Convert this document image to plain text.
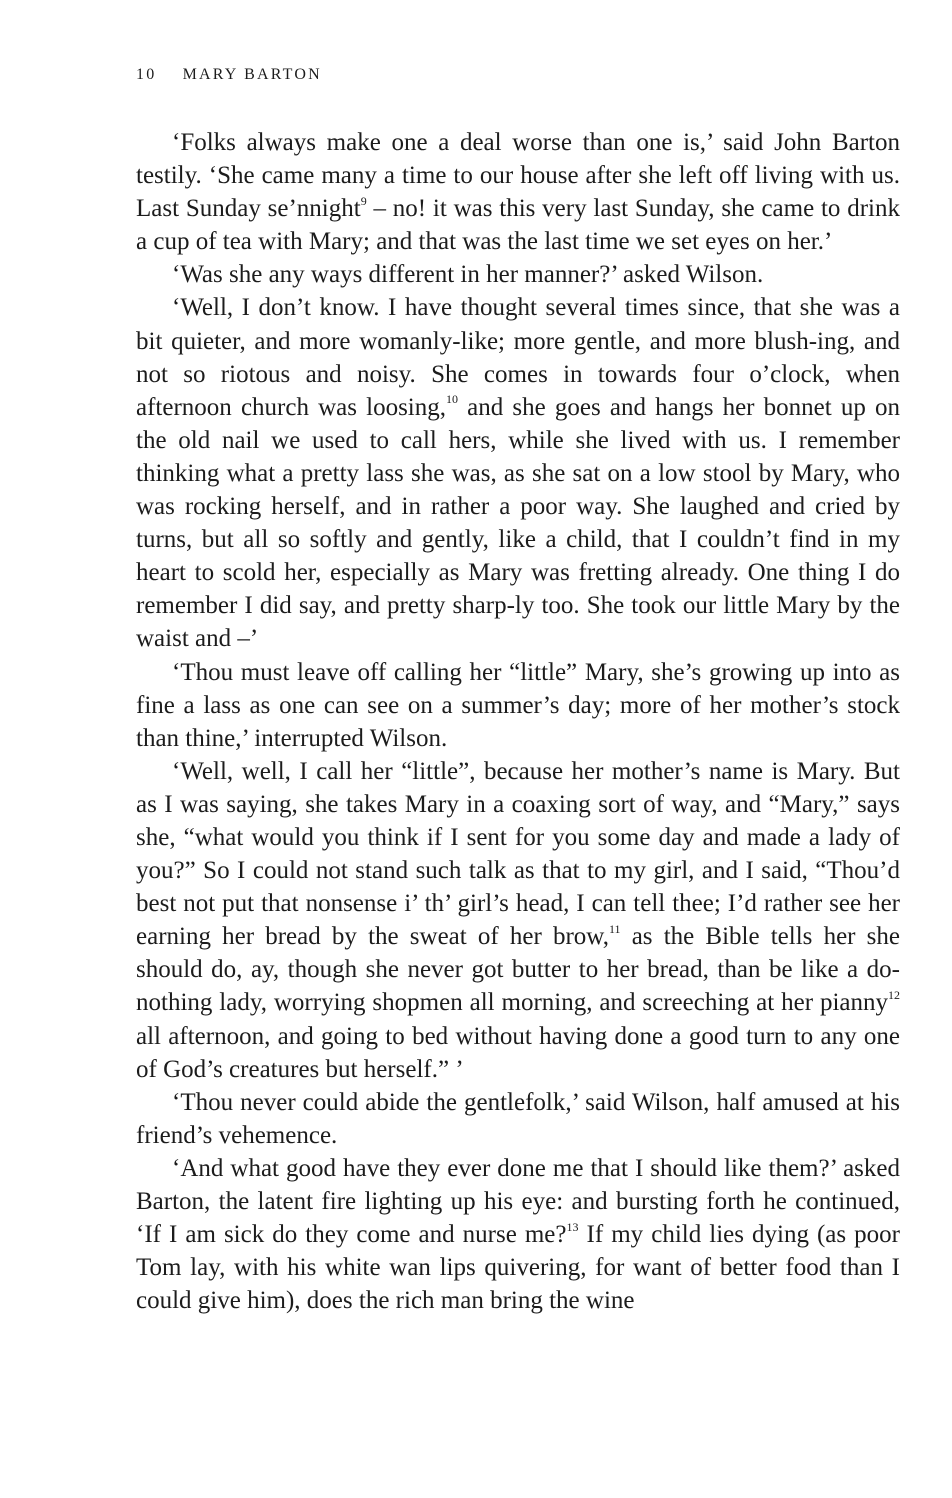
10 MARY BARTON

‘Folks always make one a deal worse than one is,’ said John Barton testily. ‘She came many a time to our house after she left off living with us. Last Sunday se’nnight$^9$ – no! it was this very last Sunday, she came to drink a cup of tea with Mary; and that was the last time we set eyes on her.’

‘Was she any ways different in her manner?’ asked Wilson.

‘Well, I don’t know. I have thought several times since, that she was a bit quieter, and more womanly-like; more gentle, and more blush-ing, and not so riotous and noisy. She comes in towards four o’clock, when afternoon church was loosing,$^{10}$ and she goes and hangs her bonnet up on the old nail we used to call hers, while she lived with us. I remember thinking what a pretty lass she was, as she sat on a low stool by Mary, who was rocking herself, and in rather a poor way. She laughed and cried by turns, but all so softly and gently, like a child, that I couldn’t find in my heart to scold her, especially as Mary was fretting already. One thing I do remember I did say, and pretty sharp-ly too. She took our little Mary by the waist and –’

‘Thou must leave off calling her “little” Mary, she’s growing up into as fine a lass as one can see on a summer’s day; more of her mother’s stock than thine,’ interrupted Wilson.

‘Well, well, I call her “little”, because her mother’s name is Mary. But as I was saying, she takes Mary in a coaxing sort of way, and “Mary,” says she, “what would you think if I sent for you some day and made a lady of you?” So I could not stand such talk as that to my girl, and I said, “Thou’d best not put that nonsense i’ th’ girl’s head, I can tell thee; I’d rather see her earning her bread by the sweat of her brow,$^{11}$ as the Bible tells her she should do, ay, though she never got butter to her bread, than be like a do-nothing lady, worrying shopmen all morning, and screeching at her pianny$^{12}$ all afternoon, and going to bed without having done a good turn to any one of God’s creatures but herself.” ’

‘Thou never could abide the gentlefolk,’ said Wilson, half amused at his friend’s vehemence.

‘And what good have they ever done me that I should like them?’ asked Barton, the latent fire lighting up his eye: and bursting forth he continued, ‘If I am sick do they come and nurse me?$^{13}$ If my child lies dying (as poor Tom lay, with his white wan lips quivering, for want of better food than I could give him), does the rich man bring the wine
